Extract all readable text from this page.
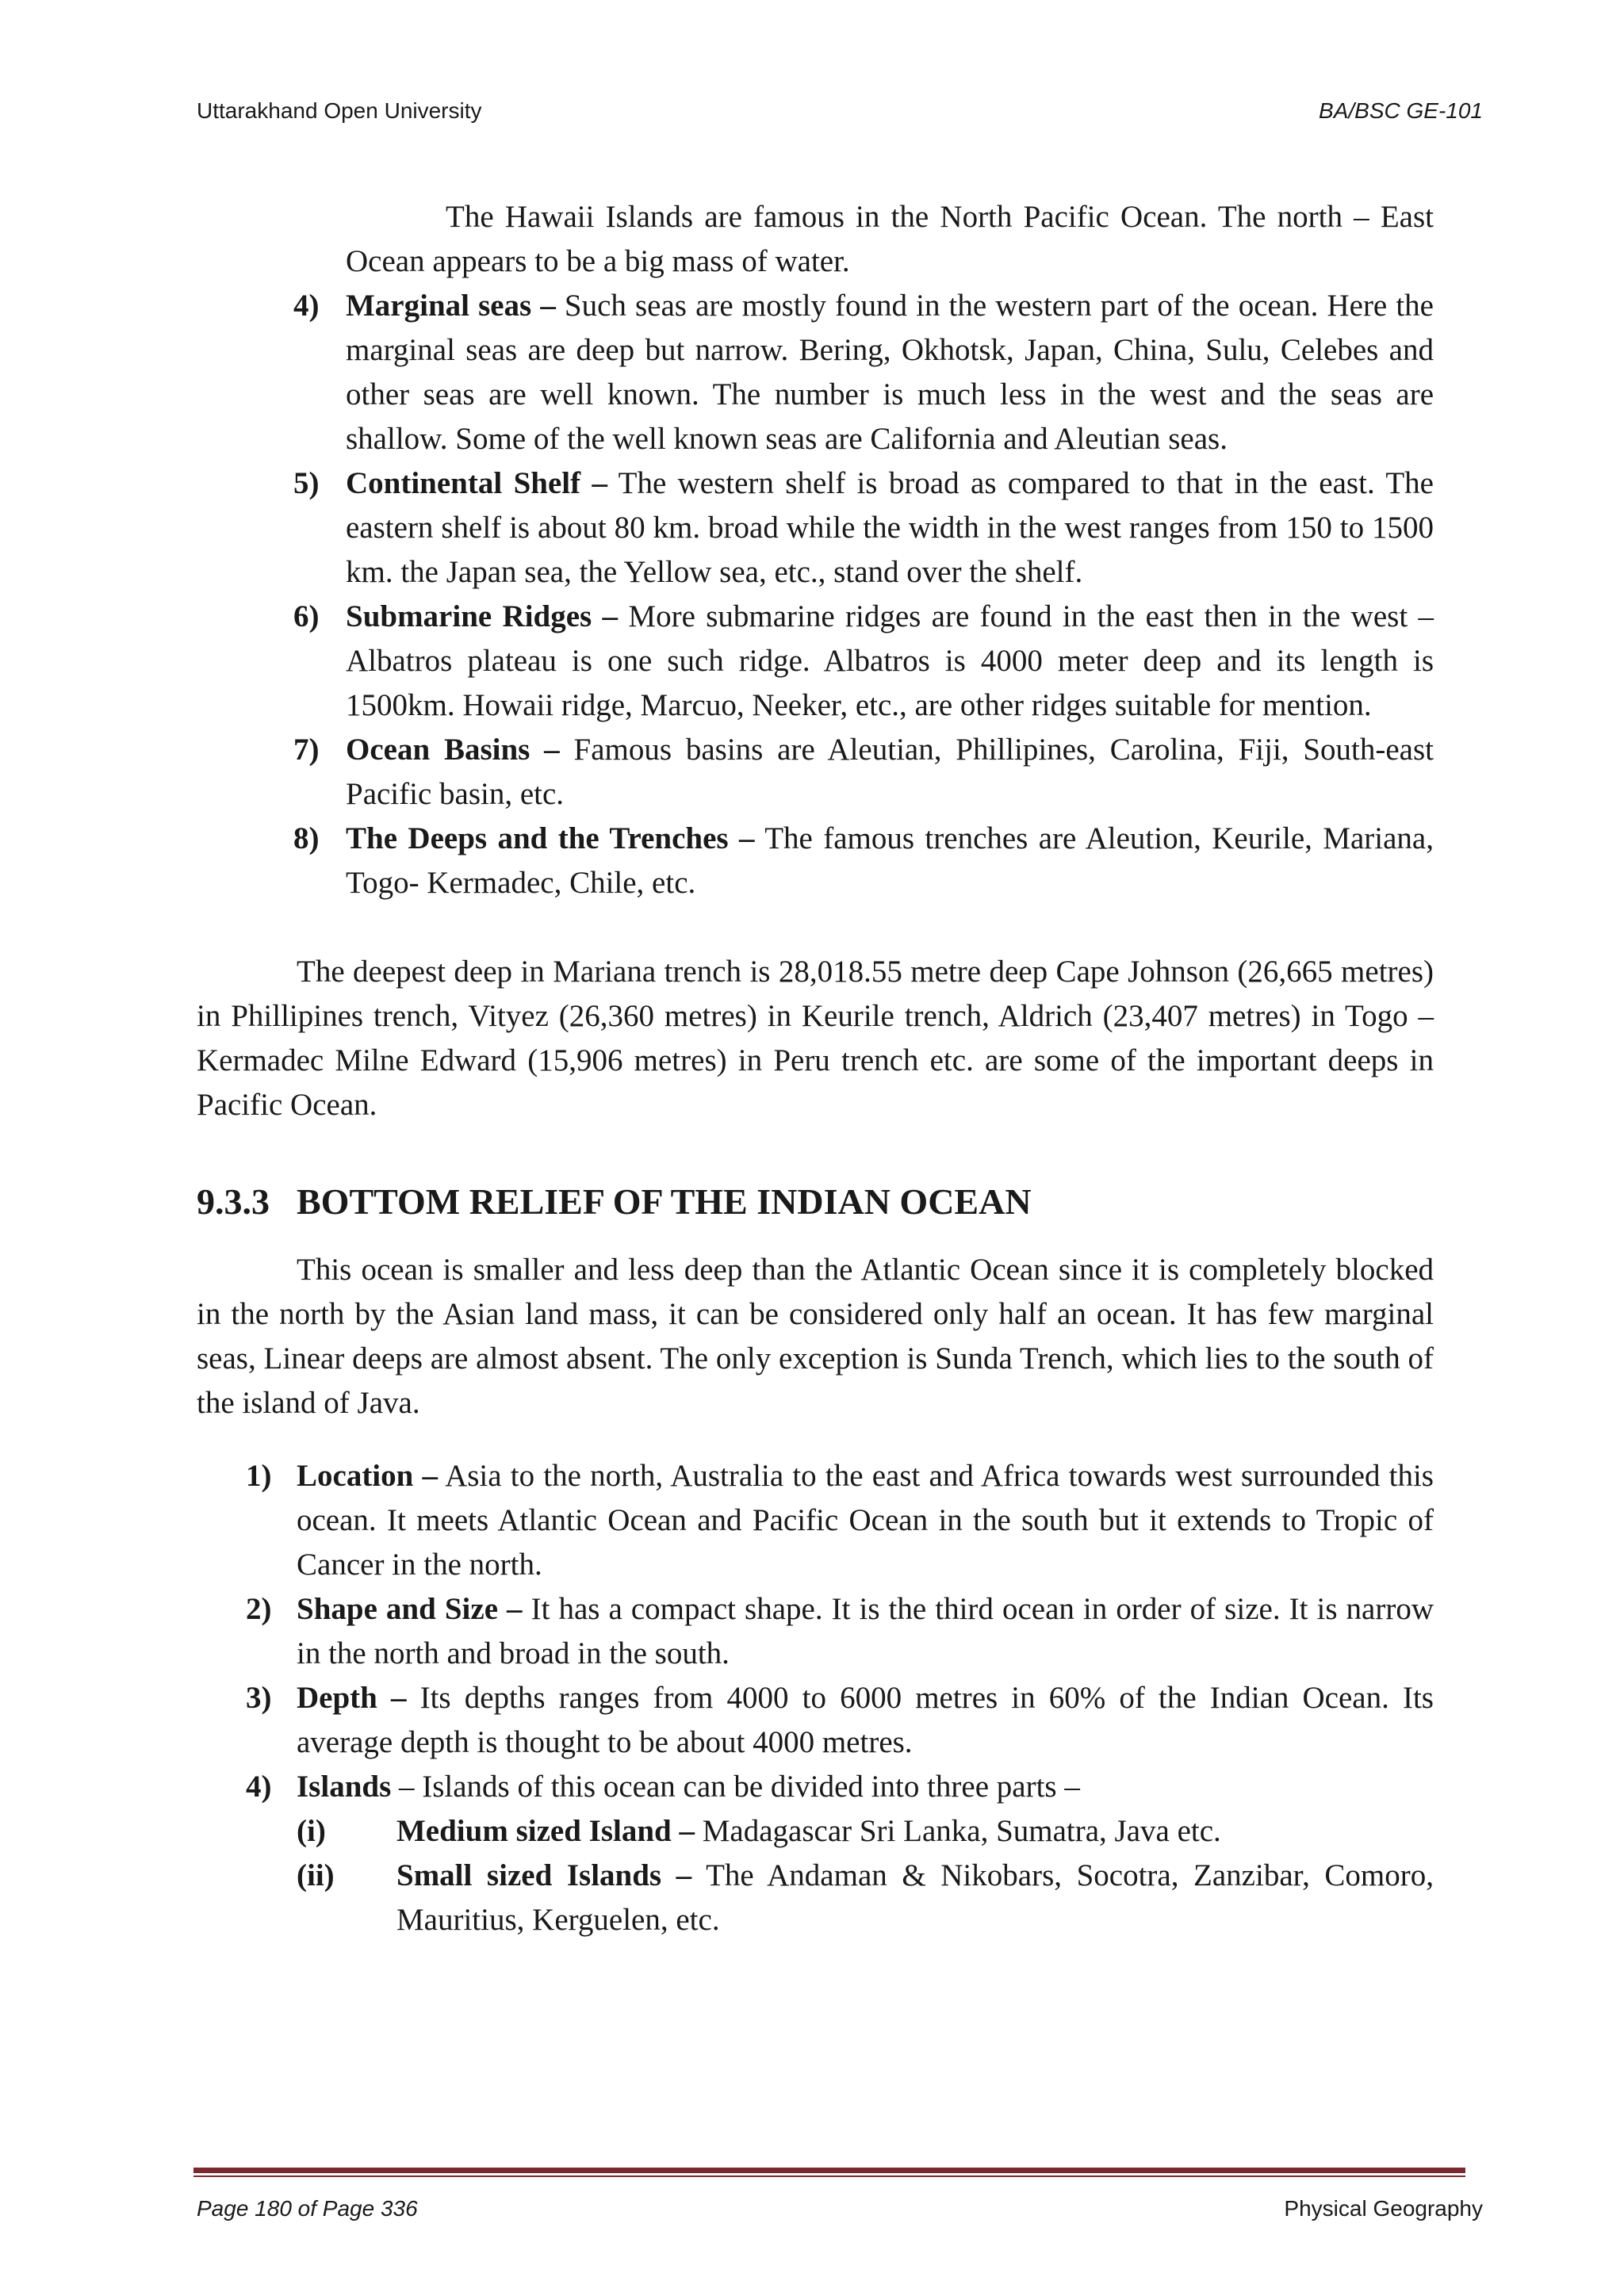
Uttarakhand Open University	BA/BSC GE-101

The Hawaii Islands are famous in the North Pacific Ocean. The north – East Ocean appears to be a big mass of water.

4) Marginal seas – Such seas are mostly found in the western part of the ocean. Here the marginal seas are deep but narrow. Bering, Okhotsk, Japan, China, Sulu, Celebes and other seas are well known. The number is much less in the west and the seas are shallow. Some of the well known seas are California and Aleutian seas.
5) Continental Shelf – The western shelf is broad as compared to that in the east. The eastern shelf is about 80 km. broad while the width in the west ranges from 150 to 1500 km. the Japan sea, the Yellow sea, etc., stand over the shelf.
6) Submarine Ridges – More submarine ridges are found in the east then in the west – Albatros plateau is one such ridge. Albatros is 4000 meter deep and its length is 1500km. Howaii ridge, Marcuo, Neeker, etc., are other ridges suitable for mention.
7) Ocean Basins – Famous basins are Aleutian, Phillipines, Carolina, Fiji, South-east Pacific basin, etc.
8) The Deeps and the Trenches – The famous trenches are Aleution, Keurile, Mariana, Togo- Kermadec, Chile, etc.

The deepest deep in Mariana trench is 28,018.55 metre deep Cape Johnson (26,665 metres) in Phillipines trench, Vityez (26,360 metres) in Keurile trench, Aldrich (23,407 metres) in Togo – Kermadec Milne Edward (15,906 metres) in Peru trench etc. are some of the important deeps in Pacific Ocean.

9.3.3 BOTTOM RELIEF OF THE INDIAN OCEAN

This ocean is smaller and less deep than the Atlantic Ocean since it is completely blocked in the north by the Asian land mass, it can be considered only half an ocean. It has few marginal seas, Linear deeps are almost absent. The only exception is Sunda Trench, which lies to the south of the island of Java.

1) Location – Asia to the north, Australia to the east and Africa towards west surrounded this ocean. It meets Atlantic Ocean and Pacific Ocean in the south but it extends to Tropic of Cancer in the north.
2) Shape and Size – It has a compact shape. It is the third ocean in order of size. It is narrow in the north and broad in the south.
3) Depth – Its depths ranges from 4000 to 6000 metres in 60% of the Indian Ocean. Its average depth is thought to be about 4000 metres.
4) Islands – Islands of this ocean can be divided into three parts –
(i) Medium sized Island – Madagascar Sri Lanka, Sumatra, Java etc.
(ii) Small sized Islands – The Andaman & Nikobars, Socotra, Zanzibar, Comoro, Mauritius, Kerguelen, etc.
Page 180 of Page 336	Physical Geography
